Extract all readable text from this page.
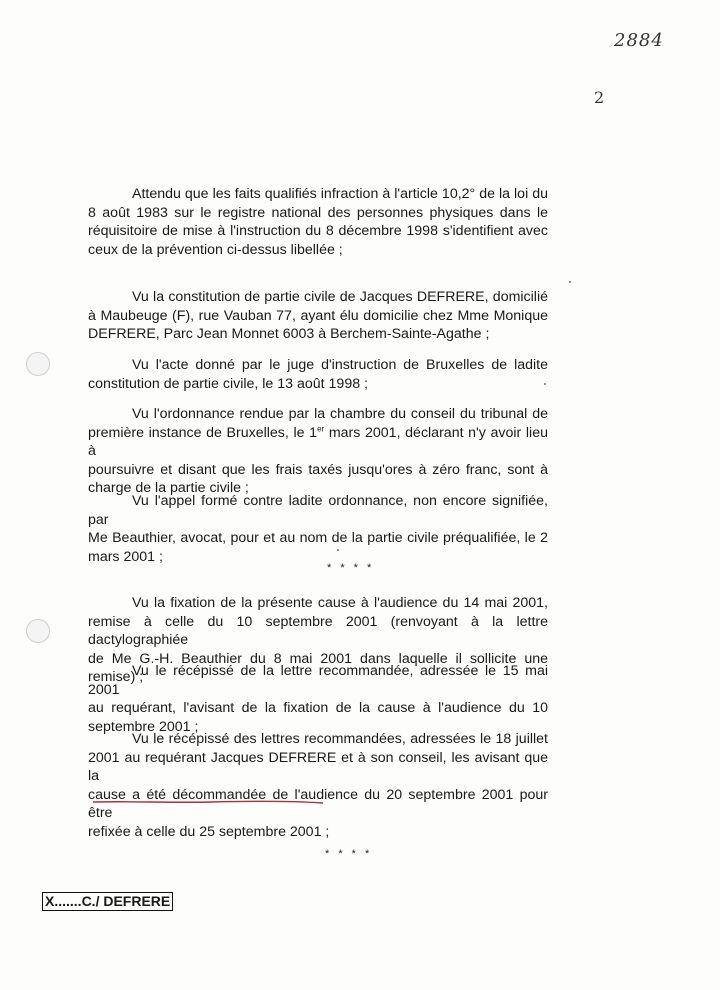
2884
2
Attendu que les faits qualifiés infraction à l'article 10,2° de la loi du
8 août 1983 sur le registre national des personnes physiques dans le
réquisitoire de mise à l'instruction du 8 décembre 1998 s'identifient avec
ceux de la prévention ci-dessus libellée ;
Vu la constitution de partie civile de Jacques DEFRERE, domicilié
à Maubeuge (F), rue Vauban 77, ayant élu domicilie chez Mme Monique
DEFRERE, Parc Jean Monnet 6003 à Berchem-Sainte-Agathe ;
Vu l'acte donné par le juge d'instruction de Bruxelles de ladite
constitution de partie civile, le 13 août 1998 ;
Vu l'ordonnance rendue par la chambre du conseil du tribunal de
première instance de Bruxelles, le 1er mars 2001, déclarant n'y avoir lieu à
poursuivre et disant que les frais taxés jusqu'ores à zéro franc, sont à
charge de la partie civile ;
Vu l'appel formé contre ladite ordonnance, non encore signifiée, par
Me Beauthier, avocat, pour et au nom de la partie civile préqualifiée, le 2
mars 2001 ;
* * * *
Vu la fixation de la présente cause à l'audience du 14 mai 2001,
remise à celle du 10 septembre 2001 (renvoyant à la lettre dactylographiée
de Me G.-H. Beauthier du 8 mai 2001 dans laquelle il sollicite une remise) ;
Vu le récépissé de la lettre recommandée, adressée le 15 mai 2001
au requérant, l'avisant de la fixation de la cause à l'audience du 10
septembre 2001 ;
Vu le récépissé des lettres recommandées, adressées le 18 juillet
2001 au requérant Jacques DEFRERE et à son conseil, les avisant que la
cause a été décommandée de l'audience du 20 septembre 2001 pour être
refixée à celle du 25 septembre 2001 ;
* * * *
X.......C./ DEFRERE
